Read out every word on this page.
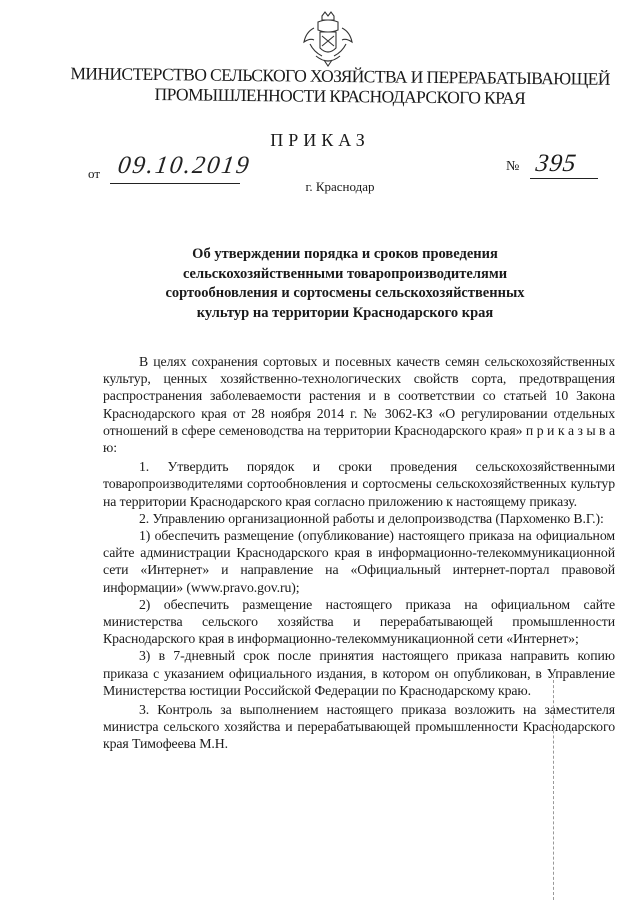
МИНИСТЕРСТВО СЕЛЬСКОГО ХОЗЯЙСТВА И ПЕРЕРАБАТЫВАЮЩЕЙ
ПРОМЫШЛЕННОСТИ КРАСНОДАРСКОГО КРАЯ
ПРИКАЗ
от 09.10.2019	№ 395
г. Краснодар
Об утверждении порядка и сроков проведения
сельскохозяйственными товаропроизводителями
сортообновления и сортосмены сельскохозяйственных
культур на территории Краснодарского края

В целях сохранения сортовых и посевных качеств семян сельскохозяйственных культур, ценных хозяйственно-технологических свойств сорта, предотвращения распространения заболеваемости растения и в соответствии со статьей 10 Закона Краснодарского края от 28 ноября 2014 г. № 3062-КЗ «О регулировании отдельных отношений в сфере семеноводства на территории Краснодарского края» п р и к а з ы в а ю:

1. Утвердить порядок и сроки проведения сельскохозяйственными товаропроизводителями сортообновления и сортосмены сельскохозяйственных культур на территории Краснодарского края согласно приложению к настоящему приказу.

2. Управлению организационной работы и делопроизводства (Пархоменко В.Г.):

1) обеспечить размещение (опубликование) настоящего приказа на официальном сайте администрации Краснодарского края в информационно-телекоммуникационной сети «Интернет» и направление на «Официальный интернет-портал правовой информации» (www.pravo.gov.ru);

2) обеспечить размещение настоящего приказа на официальном сайте министерства сельского хозяйства и перерабатывающей промышленности Краснодарского края в информационно-телекоммуникационной сети «Интернет»;

3) в 7-дневный срок после принятия настоящего приказа направить копию приказа с указанием официального издания, в котором он опубликован, в Управление Министерства юстиции Российской Федерации по Краснодарскому краю.

3. Контроль за выполнением настоящего приказа возложить на заместителя министра сельского хозяйства и перерабатывающей промышленности Краснодарского края Тимофеева М.Н.
